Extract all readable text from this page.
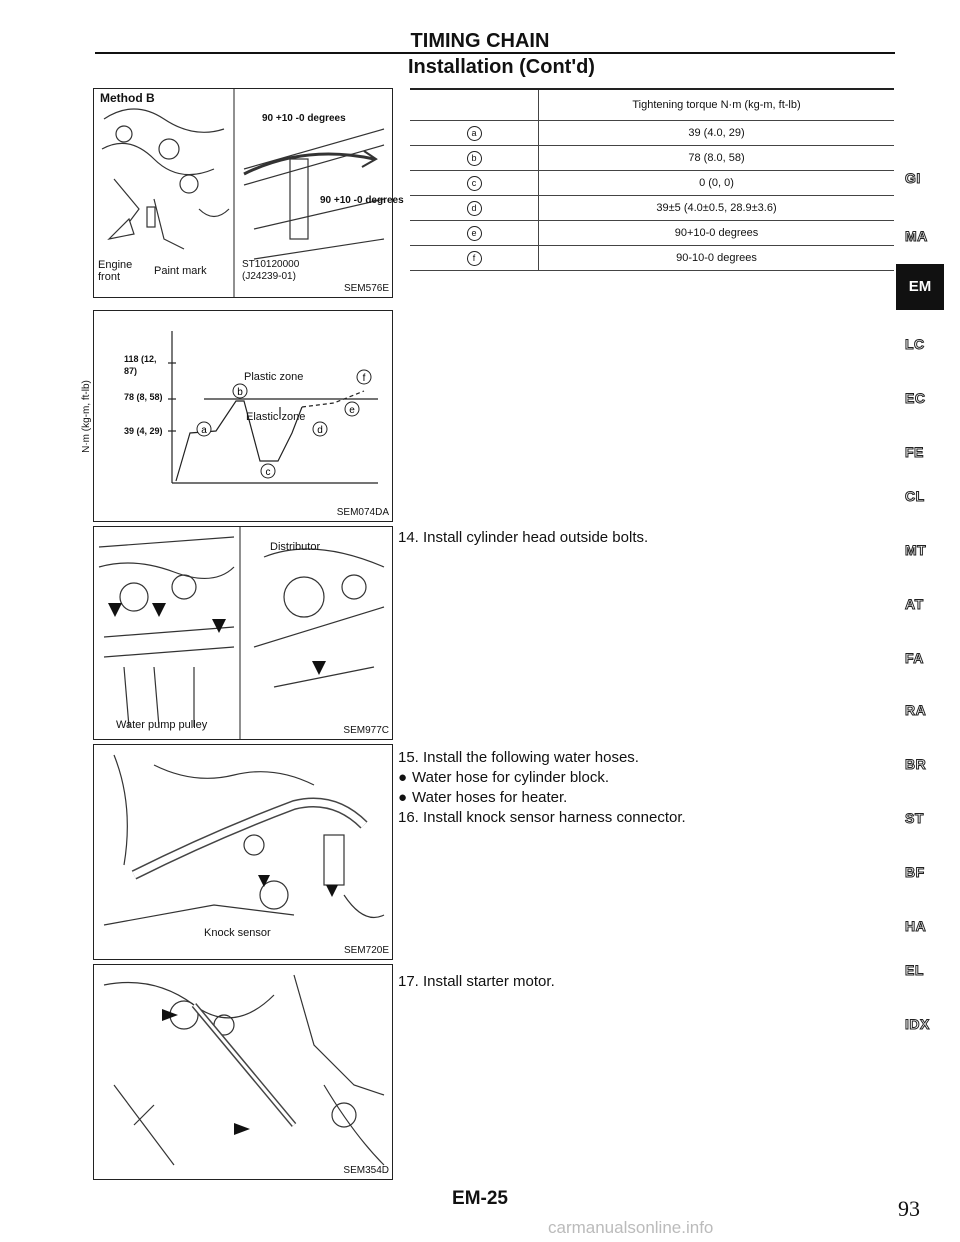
TIMING CHAIN
Installation (Cont'd)
Method B
90 +10 -0 degrees
90 +10 -0 degrees
Engine front	Paint mark
ST10120000 (J24239-01)
SEM576E
a
b
c
d
e
f
N·m (kg-m, ft-lb)
118 (12, 87)
78 (8, 58)
39 (4, 29)
Plastic zone
Elastic zone
SEM074DA
Distributor
Water pump pulley	SEM977C
Knock sensor
SEM720E
SEM354D
	Tightening torque N·m (kg-m, ft-lb)
a	39 (4.0, 29)
b	78 (8.0, 58)
c	0 (0, 0)
d	39±5 (4.0±0.5, 28.9±3.6)
e	90+10-0 degrees
f	90-10-0 degrees
14. Install cylinder head outside bolts.
15. Install the following water hoses.
● Water hose for cylinder block.
● Water hoses for heater.
16. Install knock sensor harness connector.
17. Install starter motor.
GI
MA
EM
LC
EC
FE
CL
MT
AT
FA
RA
BR
ST
BF
HA
EL
IDX
EM-25	93
carmanualsonline.info
